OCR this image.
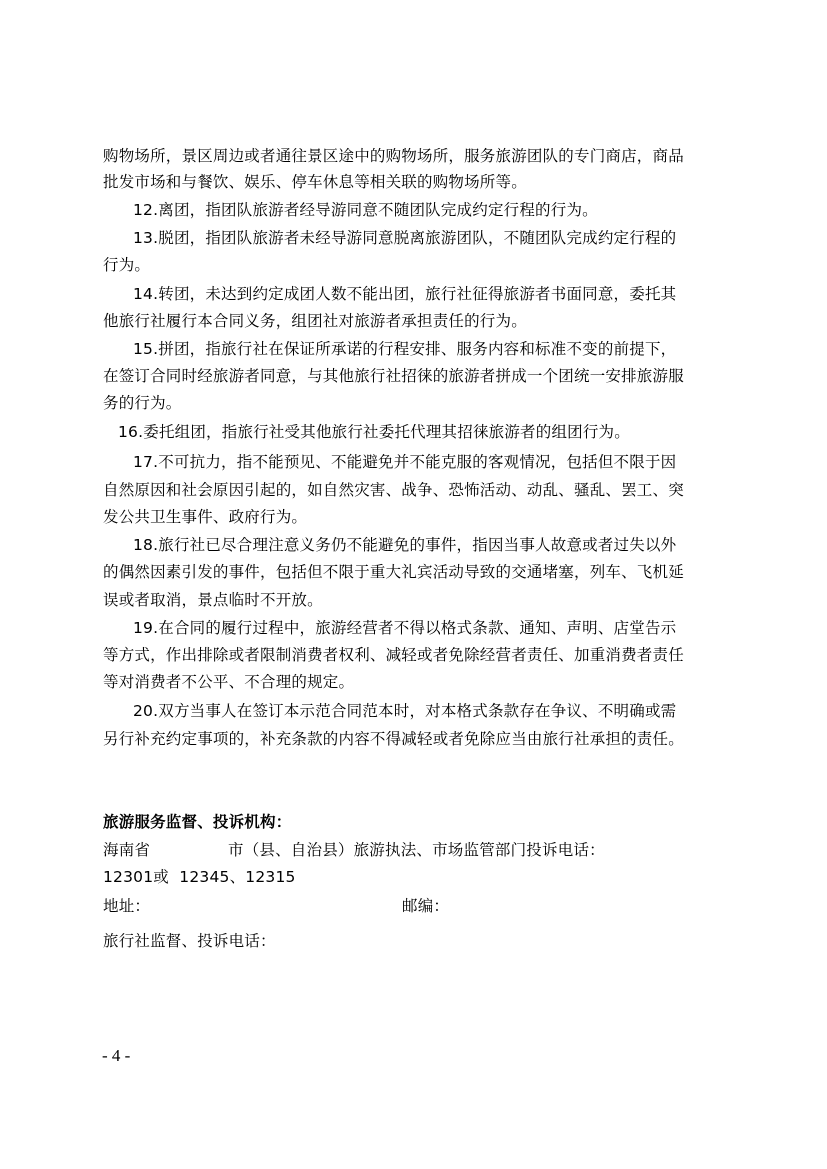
购物场所，景区周边或者通往景区途中的购物场所，服务旅游团队的专门商店，商品
批发市场和与餐饮、娱乐、停车休息等相关联的购物场所等。
12.离团，指团队旅游者经导游同意不随团队完成约定行程的行为。
13.脱团，指团队旅游者未经导游同意脱离旅游团队，不随团队完成约定行程的
行为。
14.转团，未达到约定成团人数不能出团，旅行社征得旅游者书面同意，委托其
他旅行社履行本合同义务，组团社对旅游者承担责任的行为。
15.拼团，指旅行社在保证所承诺的行程安排、服务内容和标准不变的前提下，
在签订合同时经旅游者同意，与其他旅行社招徕的旅游者拼成一个团统一安排旅游服
务的行为。
16.委托组团，指旅行社受其他旅行社委托代理其招徕旅游者的组团行为。
17.不可抗力，指不能预见、不能避免并不能克服的客观情况，包括但不限于因
自然原因和社会原因引起的，如自然灾害、战争、恐怖活动、动乱、骚乱、罢工、突
发公共卫生事件、政府行为。
18.旅行社已尽合理注意义务仍不能避免的事件，指因当事人故意或者过失以外
的偶然因素引发的事件，包括但不限于重大礼宾活动导致的交通堵塞，列车、飞机延
误或者取消，景点临时不开放。
19.在合同的履行过程中，旅游经营者不得以格式条款、通知、声明、店堂告示
等方式，作出排除或者限制消费者权利、减轻或者免除经营者责任、加重消费者责任
等对消费者不公平、不合理的规定。
20.双方当事人在签订本示范合同范本时，对本格式条款存在争议、不明确或需
另行补充约定事项的，补充条款的内容不得减轻或者免除应当由旅行社承担的责任。
旅游服务监督、投诉机构：
海南省	市（县、自治县）旅游执法、市场监管部门投诉电话：
12301或  12345、12315
地址：	邮编：
旅行社监督、投诉电话：
- 4 -
